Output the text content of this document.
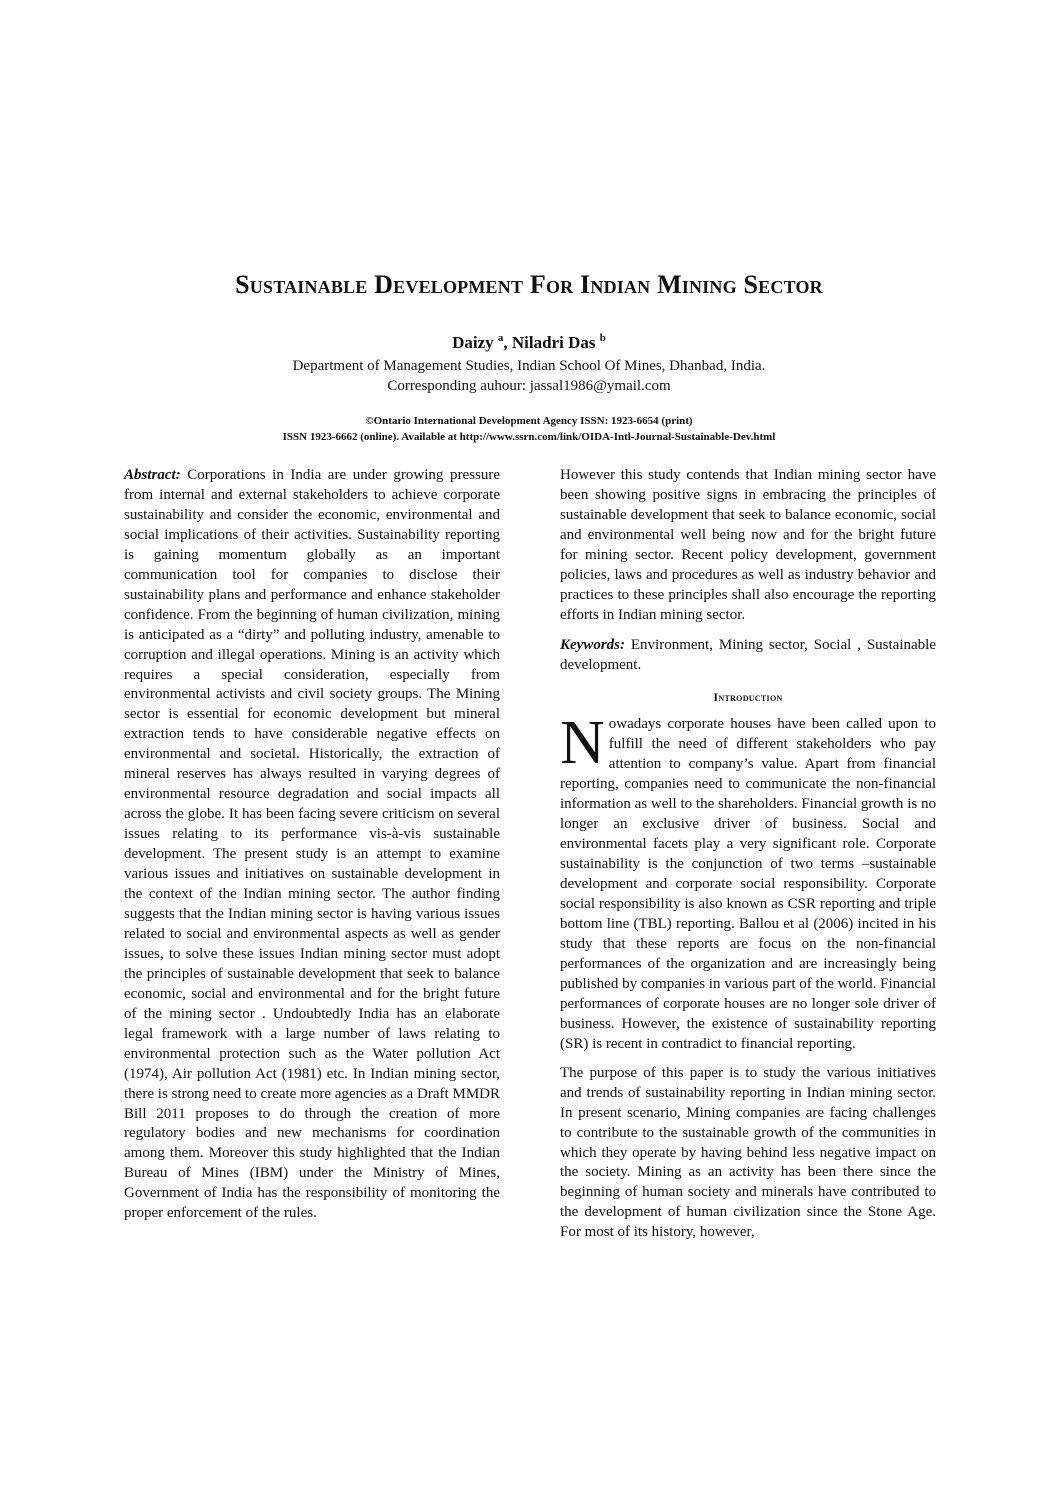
Sustainable Development For Indian Mining Sector
Daizy $^a$, Niladri Das $^b$
Department of Management Studies, Indian School Of Mines, Dhanbad, India.
Corresponding auhour: jassal1986@ymail.com
©Ontario International Development Agency ISSN: 1923-6654 (print)
ISSN 1923-6662 (online). Available at http://www.ssrn.com/link/OIDA-Intl-Journal-Sustainable-Dev.html

Abstract: Corporations in India are under growing pressure from internal and external stakeholders to achieve corporate sustainability and consider the economic, environmental and social implications of their activities. Sustainability reporting is gaining momentum globally as an important communication tool for companies to disclose their sustainability plans and performance and enhance stakeholder confidence. From the beginning of human civilization, mining is anticipated as a “dirty” and polluting industry, amenable to corruption and illegal operations. Mining is an activity which requires a special consideration, especially from environmental activists and civil society groups. The Mining sector is essential for economic development but mineral extraction tends to have considerable negative effects on environmental and societal. Historically, the extraction of mineral reserves has always resulted in varying degrees of environmental resource degradation and social impacts all across the globe. It has been facing severe criticism on several issues relating to its performance vis-à-vis sustainable development. The present study is an attempt to examine various issues and initiatives on sustainable development in the context of the Indian mining sector. The author finding suggests that the Indian mining sector is having various issues related to social and environmental aspects as well as gender issues, to solve these issues Indian mining sector must adopt the principles of sustainable development that seek to balance economic, social and environmental and for the bright future of the mining sector . Undoubtedly India has an elaborate legal framework with a large number of laws relating to environmental protection such as the Water pollution Act (1974), Air pollution Act (1981) etc. In Indian mining sector, there is strong need to create more agencies as a Draft MMDR Bill 2011 proposes to do through the creation of more regulatory bodies and new mechanisms for coordination among them. Moreover this study highlighted that the Indian Bureau of Mines (IBM) under the Ministry of Mines, Government of India has the responsibility of monitoring the proper enforcement of the rules.

However this study contends that Indian mining sector have been showing positive signs in embracing the principles of sustainable development that seek to balance economic, social and environmental well being now and for the bright future for mining sector. Recent policy development, government policies, laws and procedures as well as industry behavior and practices to these principles shall also encourage the reporting efforts in Indian mining sector.

Keywords: Environment, Mining sector, Social , Sustainable development.

Introduction

Nowadays corporate houses have been called upon to fulfill the need of different stakeholders who pay attention to company’s value. Apart from financial reporting, companies need to communicate the non-financial information as well to the shareholders. Financial growth is no longer an exclusive driver of business. Social and environmental facets play a very significant role. Corporate sustainability is the conjunction of two terms –sustainable development and corporate social responsibility. Corporate social responsibility is also known as CSR reporting and triple bottom line (TBL) reporting. Ballou et al (2006) incited in his study that these reports are focus on the non-financial performances of the organization and are increasingly being published by companies in various part of the world. Financial performances of corporate houses are no longer sole driver of business. However, the existence of sustainability reporting (SR) is recent in contradict to financial reporting.

The purpose of this paper is to study the various initiatives and trends of sustainability reporting in Indian mining sector. In present scenario, Mining companies are facing challenges to contribute to the sustainable growth of the communities in which they operate by having behind less negative impact on the society. Mining as an activity has been there since the beginning of human society and minerals have contributed to the development of human civilization since the Stone Age. For most of its history, however,
